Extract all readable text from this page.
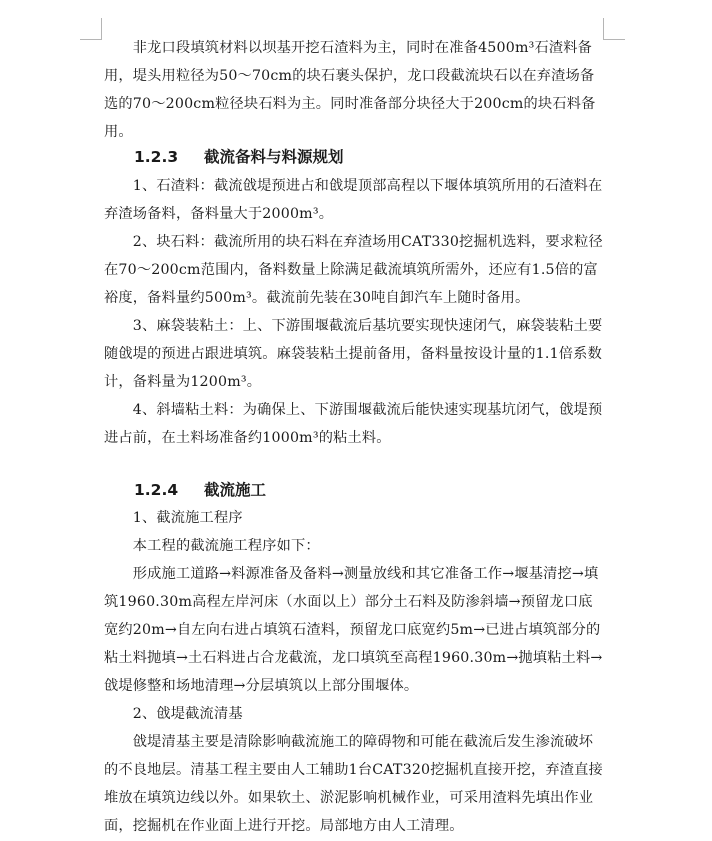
　　非龙口段填筑材料以坝基开挖石渣料为主，同时在准备4500m³石渣料备用，堤头用粒径为50～70cm的块石裹头保护，龙口段截流块石以在弃渣场备选的70～200cm粒径块石料为主。同时准备部分块径大于200cm的块石料备用。

1.2.3 截流备料与料源规划

　　1、石渣料：截流戗堤预进占和戗堤顶部高程以下堰体填筑所用的石渣料在弃渣场备料，备料量大于2000m³。

　　2、块石料：截流所用的块石料在弃渣场用CAT330挖掘机选料，要求粒径在70～200cm范围内，备料数量上除满足截流填筑所需外，还应有1.5倍的富裕度，备料量约500m³。截流前先装在30吨自卸汽车上随时备用。

　　3、麻袋装粘土：上、下游围堰截流后基坑要实现快速闭气，麻袋装粘土要随戗堤的预进占跟进填筑。麻袋装粘土提前备用，备料量按设计量的1.1倍系数计，备料量为1200m³。

　　4、斜墙粘土料：为确保上、下游围堰截流后能快速实现基坑闭气，戗堤预进占前，在土料场准备约1000m³的粘土料。

1.2.4 截流施工

　　1、截流施工程序

　　本工程的截流施工程序如下：

　　形成施工道路→料源准备及备料→测量放线和其它准备工作→堰基清挖→填筑1960.30m高程左岸河床（水面以上）部分土石料及防渗斜墙→预留龙口底宽约20m→自左向右进占填筑石渣料，预留龙口底宽约5m→已进占填筑部分的粘土料抛填→土石料进占合龙截流，龙口填筑至高程1960.30m→抛填粘土料→戗堤修整和场地清理→分层填筑以上部分围堰体。

　　2、戗堤截流清基

　　戗堤清基主要是清除影响截流施工的障碍物和可能在截流后发生渗流破坏的不良地层。清基工程主要由人工辅助1台CAT320挖掘机直接开挖，弃渣直接堆放在填筑边线以外。如果软土、淤泥影响机械作业，可采用渣料先填出作业面，挖掘机在作业面上进行开挖。局部地方由人工清理。
